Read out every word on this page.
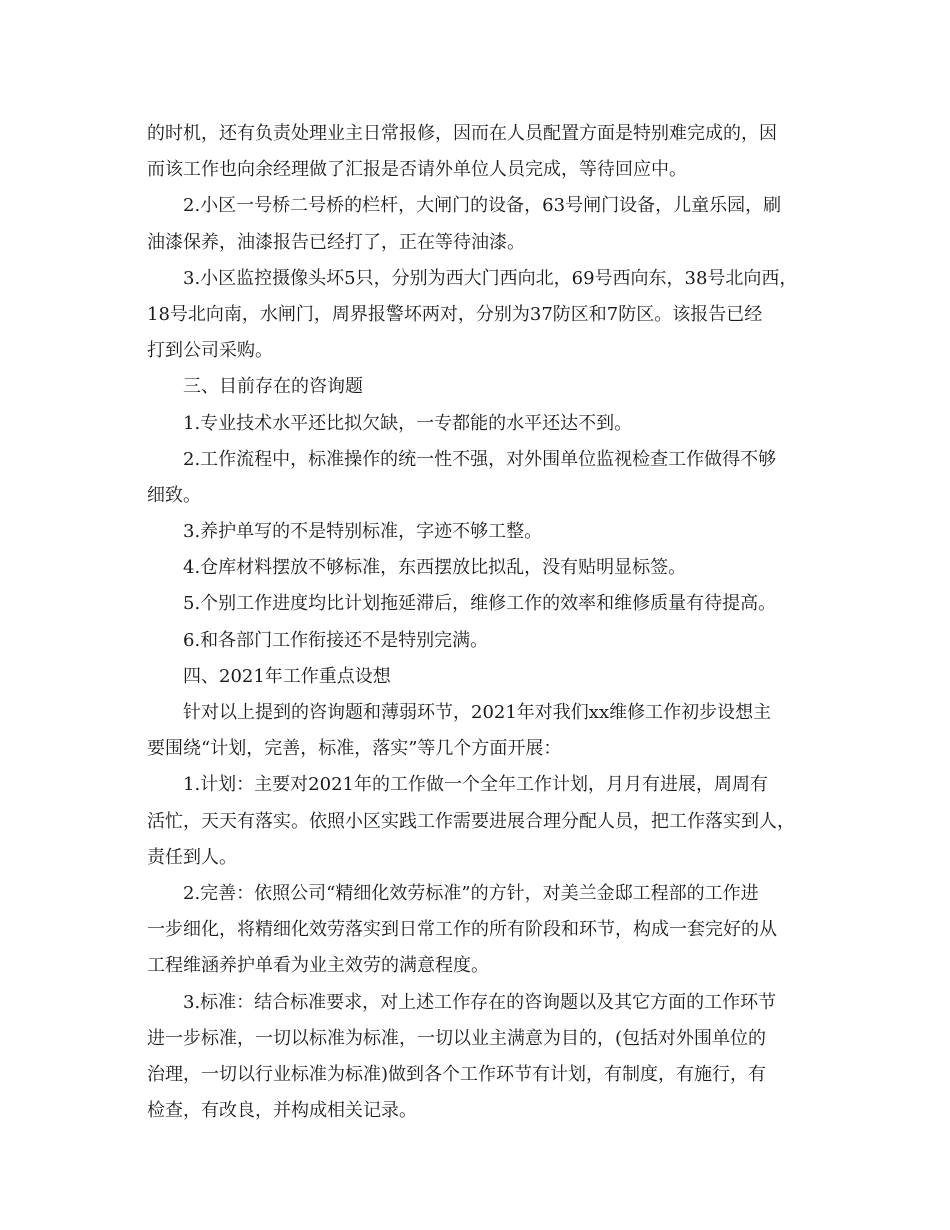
的时机，还有负责处理业主日常报修，因而在人员配置方面是特别难完成的，因
而该工作也向余经理做了汇报是否请外单位人员完成，等待回应中。
2.小区一号桥二号桥的栏杆，大闸门的设备，63号闸门设备，儿童乐园，刷
油漆保养，油漆报告已经打了，正在等待油漆。
3.小区监控摄像头坏5只，分别为西大门西向北，69号西向东，38号北向西，
18号北向南，水闸门，周界报警坏两对，分别为37防区和7防区。该报告已经
打到公司采购。
三、目前存在的咨询题
1.专业技术水平还比拟欠缺，一专都能的水平还达不到。
2.工作流程中，标准操作的统一性不强，对外围单位监视检查工作做得不够
细致。
3.养护单写的不是特别标准，字迹不够工整。
4.仓库材料摆放不够标准，东西摆放比拟乱，没有贴明显标签。
5.个别工作进度均比计划拖延滞后，维修工作的效率和维修质量有待提高。
6.和各部门工作衔接还不是特别完满。
四、2021年工作重点设想
针对以上提到的咨询题和薄弱环节，2021年对我们xx维修工作初步设想主
要围绕“计划，完善，标准，落实”等几个方面开展：
1.计划：主要对2021年的工作做一个全年工作计划，月月有进展，周周有
活忙，天天有落实。依照小区实践工作需要进展合理分配人员，把工作落实到人，
责任到人。
2.完善：依照公司“精细化效劳标准”的方针，对美兰金邸工程部的工作进
一步细化，将精细化效劳落实到日常工作的所有阶段和环节，构成一套完好的从
工程维涵养护单看为业主效劳的满意程度。
3.标准：结合标准要求，对上述工作存在的咨询题以及其它方面的工作环节
进一步标准，一切以标准为标准，一切以业主满意为目的，(包括对外围单位的
治理，一切以行业标准为标准)做到各个工作环节有计划，有制度，有施行，有
检查，有改良，并构成相关记录。
